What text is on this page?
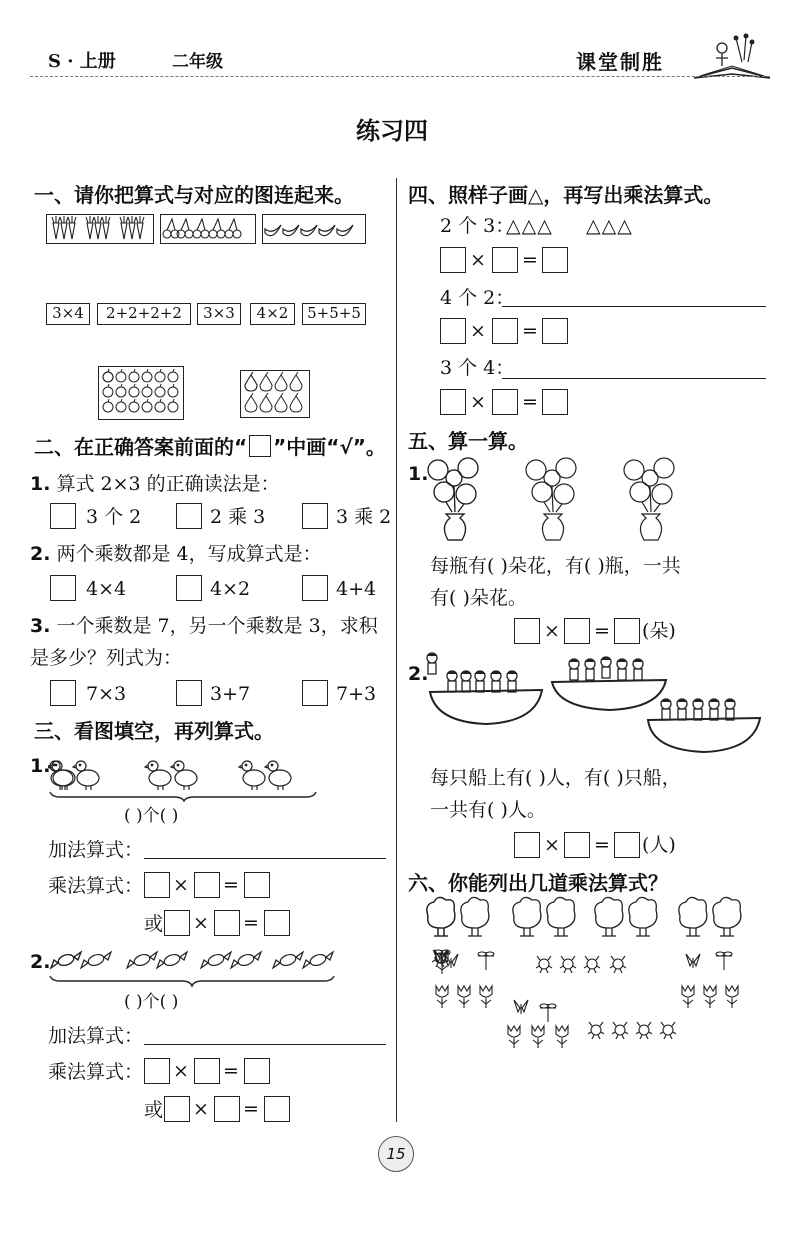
S · 上册	二年级	课堂制胜
练习四
一、请你把算式与对应的图连起来。
3×4	2+2+2+2	3×3	4×2	5+5+5
二、在正确答案前面的“ ”中画“√”。
1. 算式 2×3 的正确读法是：
3 个 2	2 乘 3	3 乘 2
2. 两个乘数都是 4，写成算式是：
4×4	4×2	4+4
3. 一个乘数是 7，另一个乘数是 3，求积
是多少？列式为：
7×3	3+7	7+3
三、看图填空，再列算式。
1.
( )个( )
加法算式：
乘法算式： × =
或 × =
2.
( )个( )
加法算式：
乘法算式： × =
或 × =
四、照样子画△，再写出乘法算式。
2 个 3：
△△△ △△△
× =
4 个 2：
× =
3 个 4：
× =
五、算一算。
1.
每瓶有( )朵花，有( )瓶，一共
有( )朵花。
× = (朵)
2.
每只船上有( )人，有( )只船，
一共有( )人。
× = (人)
六、你能列出几道乘法算式？
15
